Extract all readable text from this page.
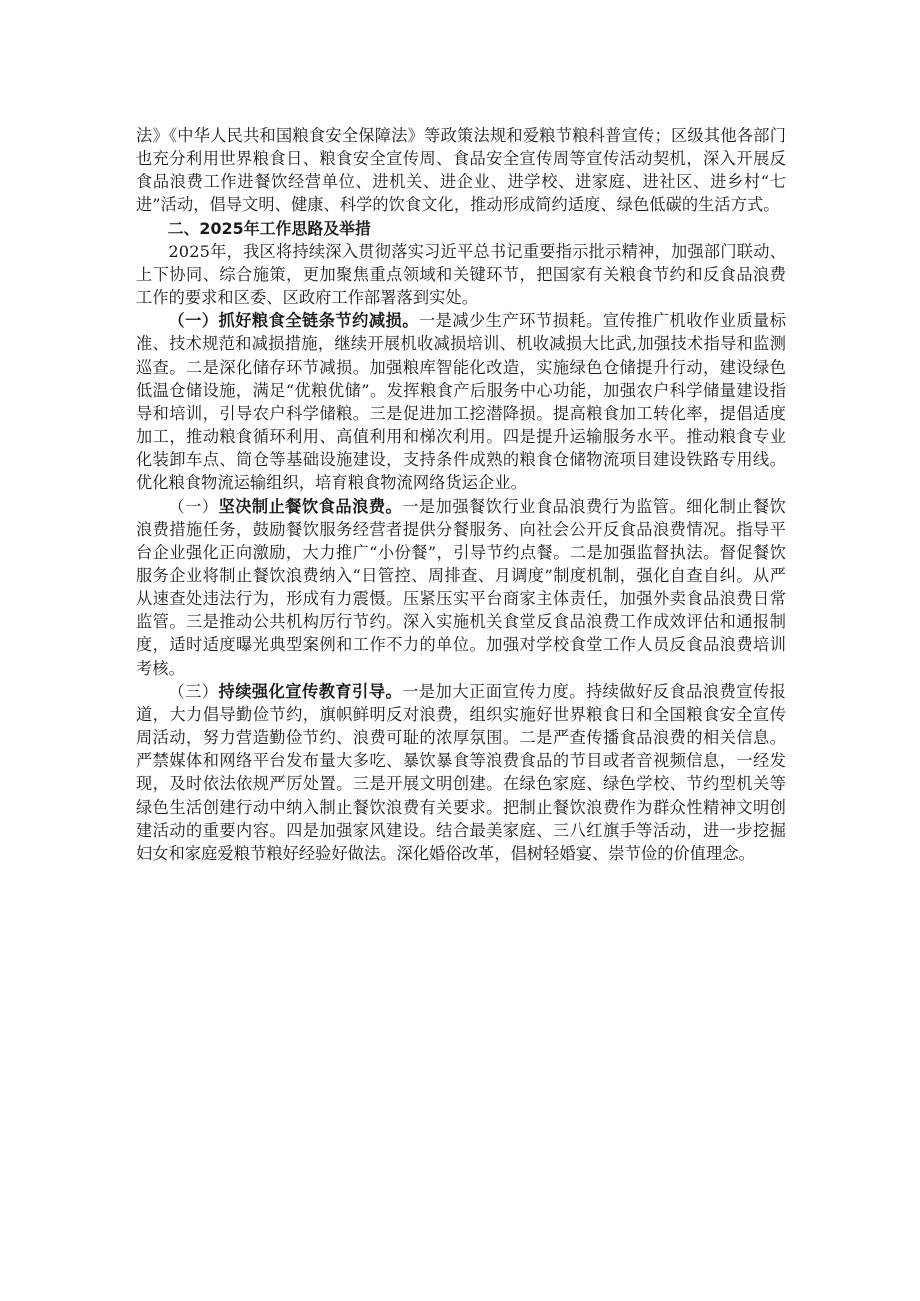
法》《中华人民共和国粮食安全保障法》等政策法规和爱粮节粮科普宣传；区级其他各部门也充分利用世界粮食日、粮食安全宣传周、食品安全宣传周等宣传活动契机，深入开展反食品浪费工作进餐饮经营单位、进机关、进企业、进学校、进家庭、进社区、进乡村“七进”活动，倡导文明、健康、科学的饮食文化，推动形成简约适度、绿色低碳的生活方式。

二、2025年工作思路及举措

2025年，我区将持续深入贯彻落实习近平总书记重要指示批示精神，加强部门联动、上下协同、综合施策，更加聚焦重点领域和关键环节，把国家有关粮食节约和反食品浪费工作的要求和区委、区政府工作部署落到实处。

（一）抓好粮食全链条节约减损。一是减少生产环节损耗。宣传推广机收作业质量标准、技术规范和减损措施，继续开展机收减损培训、机收减损大比武,加强技术指导和监测巡查。二是深化储存环节减损。加强粮库智能化改造，实施绿色仓储提升行动，建设绿色低温仓储设施，满足“优粮优储”。发挥粮食产后服务中心功能，加强农户科学储量建设指导和培训，引导农户科学储粮。三是促进加工挖潜降损。提高粮食加工转化率，提倡适度加工，推动粮食循环利用、高值利用和梯次利用。四是提升运输服务水平。推动粮食专业化装卸车点、筒仓等基础设施建设，支持条件成熟的粮食仓储物流项目建设铁路专用线。优化粮食物流运输组织，培育粮食物流网络货运企业。

（一）坚决制止餐饮食品浪费。一是加强餐饮行业食品浪费行为监管。细化制止餐饮浪费措施任务，鼓励餐饮服务经营者提供分餐服务、向社会公开反食品浪费情况。指导平台企业强化正向激励，大力推广“小份餐”，引导节约点餐。二是加强监督执法。督促餐饮服务企业将制止餐饮浪费纳入“日管控、周排查、月调度”制度机制，强化自查自纠。从严从速查处违法行为，形成有力震慑。压紧压实平台商家主体责任，加强外卖食品浪费日常监管。三是推动公共机构厉行节约。深入实施机关食堂反食品浪费工作成效评估和通报制度，适时适度曝光典型案例和工作不力的单位。加强对学校食堂工作人员反食品浪费培训考核。

（三）持续强化宣传教育引导。一是加大正面宣传力度。持续做好反食品浪费宣传报道，大力倡导勤俭节约，旗帜鲜明反对浪费，组织实施好世界粮食日和全国粮食安全宣传周活动，努力营造勤俭节约、浪费可耻的浓厚氛围。二是严查传播食品浪费的相关信息。严禁媒体和网络平台发布量大多吃、暴饮暴食等浪费食品的节目或者音视频信息，一经发现，及时依法依规严厉处置。三是开展文明创建。在绿色家庭、绿色学校、节约型机关等绿色生活创建行动中纳入制止餐饮浪费有关要求。把制止餐饮浪费作为群众性精神文明创建活动的重要内容。四是加强家风建设。结合最美家庭、三八红旗手等活动，进一步挖掘妇女和家庭爱粮节粮好经验好做法。深化婚俗改革，倡树轻婚宴、崇节俭的价值理念。
